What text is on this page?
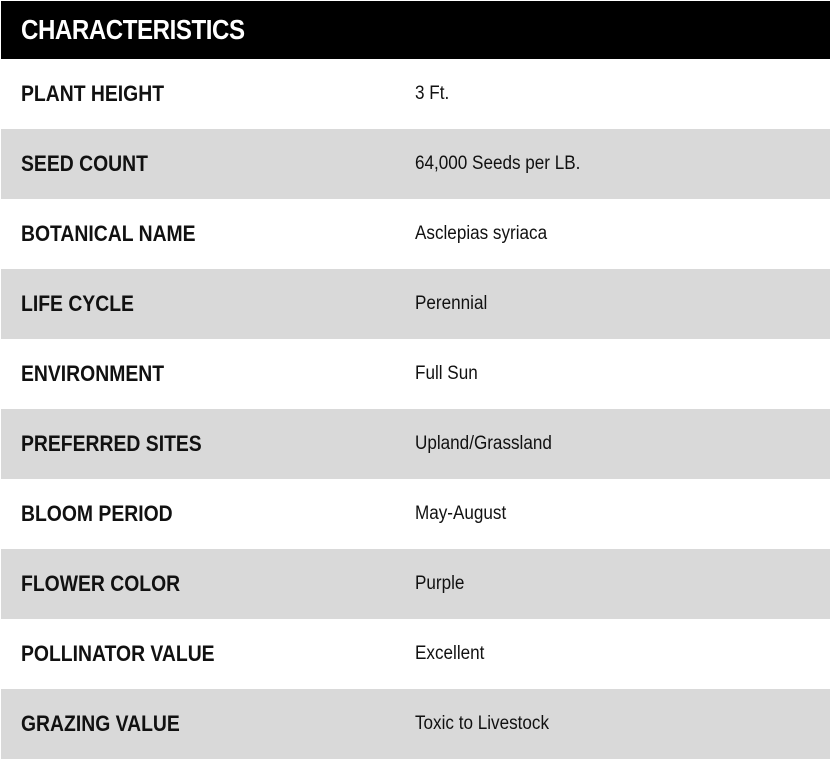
CHARACTERISTICS
PLANT HEIGHT	3 Ft.
SEED COUNT	64,000 Seeds per LB.
BOTANICAL NAME	Asclepias syriaca
LIFE CYCLE	Perennial
ENVIRONMENT	Full Sun
PREFERRED SITES	Upland/Grassland
BLOOM PERIOD	May-August
FLOWER COLOR	Purple
POLLINATOR VALUE	Excellent
GRAZING VALUE	Toxic to Livestock
